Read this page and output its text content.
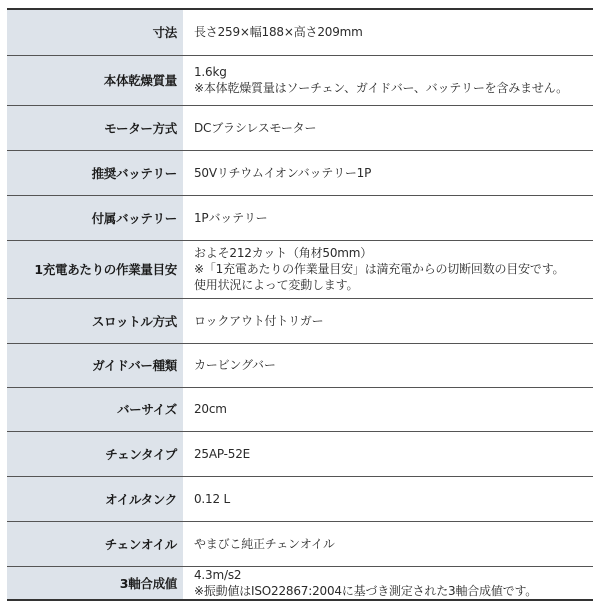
寸法	長さ259×幅188×高さ209mm

本体乾燥質量	1.6kg
※本体乾燥質量はソーチェン、ガイドバー、バッテリーを含みません。

モーター方式	DCブラシレスモーター

推奨バッテリー	50Vリチウムイオンバッテリー1P

付属バッテリー	1Pバッテリー

1充電あたりの作業量目安	およそ212カット（角材50mm）
※「1充電あたりの作業量目安」は満充電からの切断回数の目安です。
使用状況によって変動します。

スロットル方式	ロックアウト付トリガー

ガイドバー種類	カービングバー

バーサイズ	20cm

チェンタイプ	25AP-52E

オイルタンク	0.12 L

チェンオイル	やまびこ純正チェンオイル

3軸合成値	4.3m/s2
※振動値はISO22867:2004に基づき測定された3軸合成値です。
